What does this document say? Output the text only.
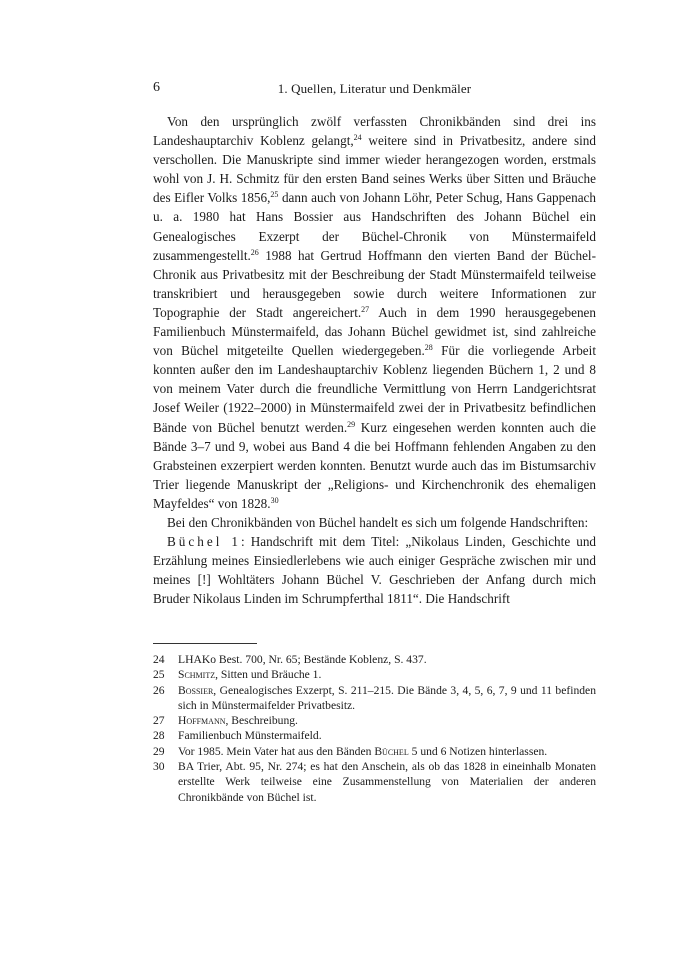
6	1. Quellen, Literatur und Denkmäler

Von den ursprünglich zwölf verfassten Chronikbänden sind drei ins Landeshauptarchiv Koblenz gelangt,$^{24}$ weitere sind in Privatbesitz, andere sind verschollen. Die Manuskripte sind immer wieder herangezogen worden, erstmals wohl von J. H. Schmitz für den ersten Band seines Werks über Sitten und Bräuche des Eifler Volks 1856,25 dann auch von Johann Löhr, Peter Schug, Hans Gappenach u. a. 1980 hat Hans Bossier aus Handschriften des Johann Büchel ein Genealogisches Exzerpt der Büchel-Chronik von Münstermaifeld zusammengestellt.$^{26}$ 1988 hat Gertrud Hoffmann den vierten Band der Büchel-Chronik aus Privatbesitz mit der Beschreibung der Stadt Münstermaifeld teilweise transkribiert und herausgegeben sowie durch weitere Informationen zur Topographie der Stadt angereichert.$^{27}$ Auch in dem 1990 herausgegebenen Familienbuch Münstermaifeld, das Johann Büchel gewidmet ist, sind zahlreiche von Büchel mitgeteilte Quellen wiedergegeben.$^{28}$ Für die vorliegende Arbeit konnten außer den im Landeshauptarchiv Koblenz liegenden Büchern 1, 2 und 8 von meinem Vater durch die freundliche Vermittlung von Herrn Landgerichtsrat Josef Weiler (1922–2000) in Münstermaifeld zwei der in Privatbesitz befindlichen Bände von Büchel benutzt werden.$^{29}$ Kurz eingesehen werden konnten auch die Bände 3–7 und 9, wobei aus Band 4 die bei Hoffmann fehlenden Angaben zu den Grabsteinen exzerpiert werden konnten. Benutzt wurde auch das im Bistumsarchiv Trier liegende Manuskript der „Religions- und Kirchenchronik des ehemaligen Mayfeldes“ von 1828.30

Bei den Chronikbänden von Büchel handelt es sich um folgende Handschriften:

Büchel 1: Handschrift mit dem Titel: „Nikolaus Linden, Geschichte und Erzählung meines Einsiedlerlebens wie auch einiger Gespräche zwischen mir und meines [!] Wohltäters Johann Büchel V. Geschrieben der Anfang durch mich Bruder Nikolaus Linden im Schrumpferthal 1811“. Die Handschrift

24 LHAKo Best. 700, Nr. 65; Bestände Koblenz, S. 437.

25 Schmitz, Sitten und Bräuche 1.

26 Bossier, Genealogisches Exzerpt, S. 211–215. Die Bände 3, 4, 5, 6, 7, 9 und 11 befinden sich in Münstermaifelder Privatbesitz.

27 Hoffmann, Beschreibung.

28 Familienbuch Münstermaifeld.

29 Vor 1985. Mein Vater hat aus den Bänden Büchel 5 und 6 Notizen hinterlassen.

30 BA Trier, Abt. 95, Nr. 274; es hat den Anschein, als ob das 1828 in eineinhalb Monaten erstellte Werk teilweise eine Zusammenstellung von Materialien der anderen Chronikbände von Büchel ist.
